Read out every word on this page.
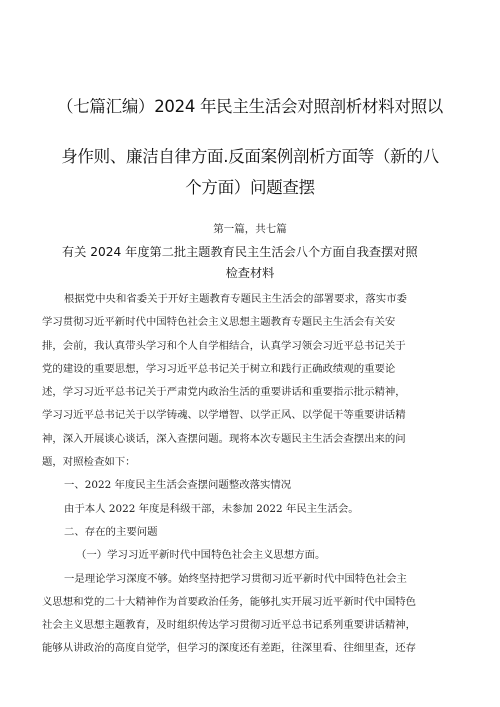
（七篇汇编）2024 年民主生活会对照剖析材料对照以
身作则、廉洁自律方面.反面案例剖析方面等（新的八
个方面）问题查摆
第一篇，共七篇
有关 2024 年度第二批主题教育民主生活会八个方面自我查摆对照
检查材料

根据党中央和省委关于开好主题教育专题民主生活会的部署要求，落实市委

学习贯彻习近平新时代中国特色社会主义思想主题教育专题民主生活会有关安

排，会前，我认真带头学习和个人自学相结合，认真学习领会习近平总书记关于

党的建设的重要思想，学习习近平总书记关于树立和践行正确政绩观的重要论

述，学习习近平总书记关于严肃党内政治生活的重要讲话和重要指示批示精神，

学习习近平总书记关于以学铸魂、以学增智、以学正风、以学促干等重要讲话精

神，深入开展谈心谈话，深入查摆问题。现将本次专题民主生活会查摆出来的问

题，对照检查如下：

一、2022 年度民主生活会查摆问题整改落实情况

由于本人 2022 年度是科级干部，未参加 2022 年民主生活会。

二、存在的主要问题

（一）学习习近平新时代中国特色社会主义思想方面。

一是理论学习深度不够。始终坚持把学习贯彻习近平新时代中国特色社会主

义思想和党的二十大精神作为首要政治任务，能够扎实开展习近平新时代中国特色

社会主义思想主题教育，及时组织传达学习贯彻习近平总书记系列重要讲话精神，

能够从讲政治的高度自觉学，但学习的深度还有差距，往深里看、往细里查，还存
